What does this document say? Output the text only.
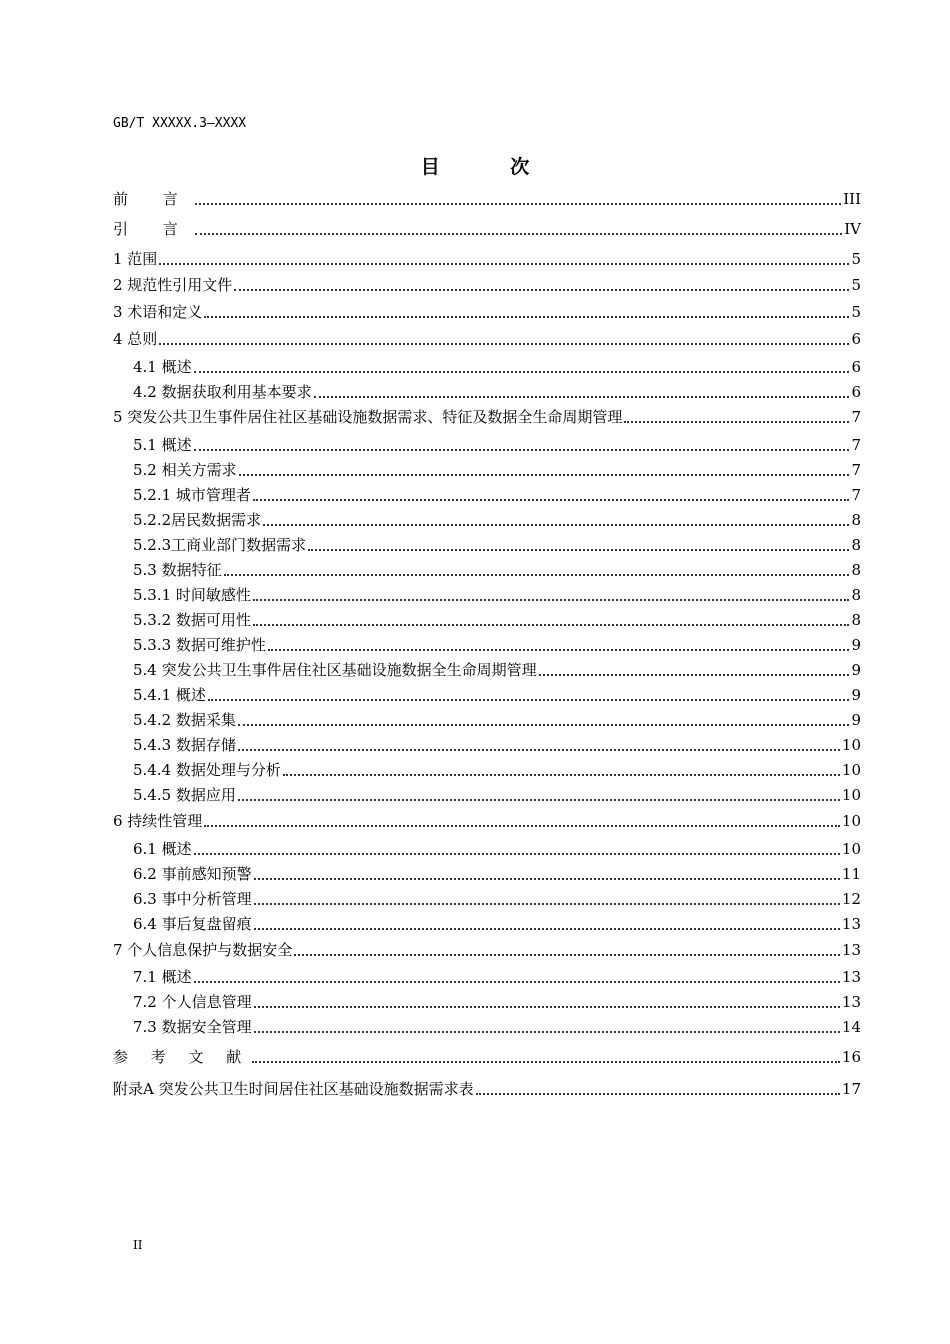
GB/T XXXXX.3—XXXX
目 次
前 言	III
引 言	IV
1 范围	5
2 规范性引用文件	5
3 术语和定义	5
4 总则	6
4.1 概述	6
4.2 数据获取利用基本要求	6
5 突发公共卫生事件居住社区基础设施数据需求、特征及数据全生命周期管理	7
5.1 概述	7
5.2 相关方需求	7
5.2.1 城市管理者	7
5.2.2居民数据需求	8
5.2.3工商业部门数据需求	8
5.3 数据特征	8
5.3.1 时间敏感性	8
5.3.2 数据可用性	8
5.3.3 数据可维护性	9
5.4 突发公共卫生事件居住社区基础设施数据全生命周期管理	9
5.4.1 概述	9
5.4.2 数据采集	9
5.4.3 数据存储	10
5.4.4 数据处理与分析	10
5.4.5 数据应用	10
6 持续性管理	10
6.1 概述	10
6.2 事前感知预警	11
6.3 事中分析管理	12
6.4 事后复盘留痕	13
7 个人信息保护与数据安全	13
7.1 概述	13
7.2 个人信息管理	13
7.3 数据安全管理	14
参 考 文 献	16
附录A 突发公共卫生时间居住社区基础设施数据需求表	17
II
